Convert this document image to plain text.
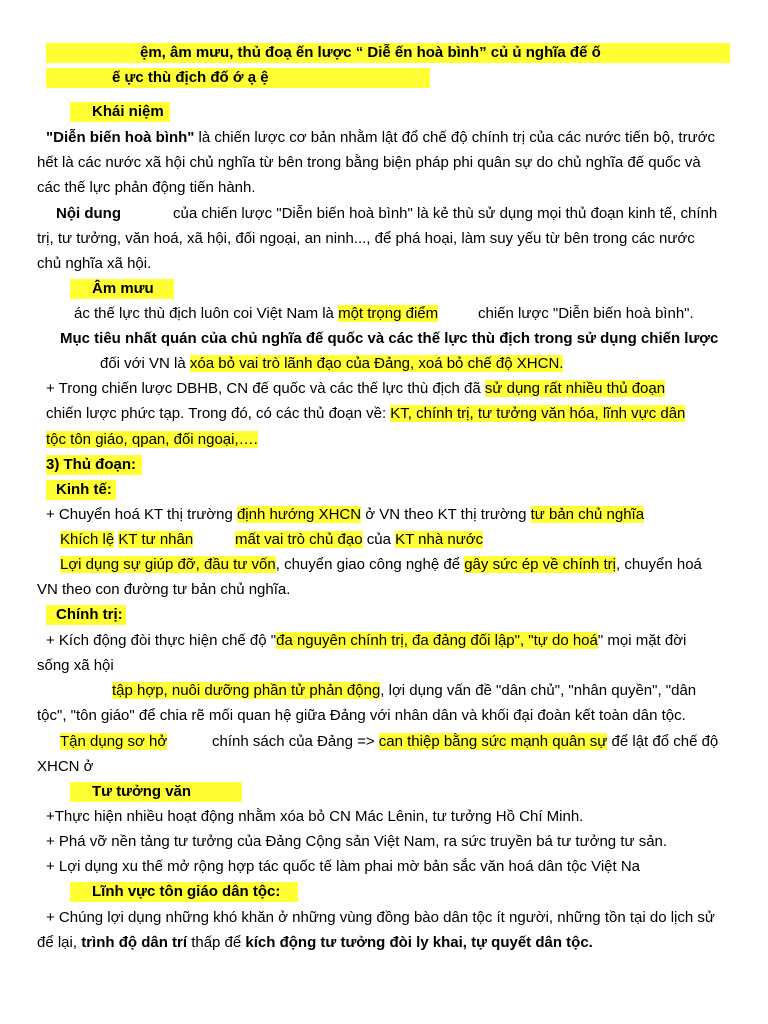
ệm, âm mưu, thủ đoạ ến lược “ Diễ ến hoà bình” củ ủ nghĩa đế ố
ế ực thù địch đố ớ ạ ệ
Khái niệm
"Diễn biến hoà bình" là chiến lược cơ bản nhằm lật đổ chế độ chính trị của các nước tiến bộ, trước
hết là các nước xã hội chủ nghĩa từ bên trong bằng biện pháp phi quân sự do chủ nghĩa đế quốc và
các thế lực phản động tiến hành.
Nội dung	của chiến lược "Diễn biến hoà bình" là kẻ thù sử dụng mọi thủ đoạn kinh tế, chính
trị, tư tưởng, văn hoá, xã hội, đối ngoại, an ninh..., để phá hoại, làm suy yếu từ bên trong các nước
chủ nghĩa xã hội.
Âm mưu
ác thế lực thù địch luôn coi Việt Nam là một trọng điểm	chiến lược "Diễn biến hoà bình".
Mục tiêu nhất quán của chủ nghĩa đế quốc và các thế lực thù địch trong sử dụng chiến lược
đối với VN là xóa bỏ vai trò lãnh đạo của Đảng, xoá bỏ chế độ XHCN.
+ Trong chiến lược DBHB, CN đế quốc và các thế lực thù địch đã sử dụng rất nhiều thủ đoạn
chiến lược phức tạp. Trong đó, có các thủ đoạn về: KT, chính trị, tư tưởng văn hóa, lĩnh vực dân
tộc tôn giáo, qpan, đối ngoại,….
3) Thủ đoạn:
Kinh tế:
+ Chuyển hoá KT thị trường định hướng XHCN ở VN theo KT thị trường tư bản chủ nghĩa
Khích lệ KT tư nhân	mất vai trò chủ đạo của KT nhà nước
Lợi dụng sự giúp đỡ, đầu tư vốn, chuyển giao công nghệ để gây sức ép về chính trị, chuyển hoá
VN theo con đường tư bản chủ nghĩa.
Chính trị:
+ Kích động đòi thực hiện chế độ "đa nguyên chính trị, đa đảng đối lập", "tự do hoá" mọi mặt đời
sống xã hội
tập hợp, nuôi dưỡng phần tử phản động, lợi dụng vấn đề "dân chủ", "nhân quyền", "dân
tộc", "tôn giáo" để chia rẽ mối quan hệ giữa Đảng với nhân dân và khối đại đoàn kết toàn dân tộc.
Tận dụng sơ hở	chính sách của Đảng => can thiệp bằng sức mạnh quân sự để lật đổ chế độ
XHCN ở
Tư tưởng văn
+Thực hiện nhiều hoạt động nhằm xóa bỏ CN Mác Lênin, tư tưởng Hồ Chí Minh.
+ Phá vỡ nền tảng tư tưởng của Đảng Cộng sản Việt Nam, ra sức truyền bá tư tưởng tư sản.
+ Lợi dụng xu thế mở rộng hợp tác quốc tế làm phai mờ bản sắc văn hoá dân tộc Việt Na
Lĩnh vực tôn giáo dân tộc:
+ Chúng lợi dụng những khó khăn ở những vùng đồng bào dân tộc ít người, những tồn tại do lịch sử
để lại, trình độ dân trí thấp để kích động tư tưởng đòi ly khai, tự quyết dân tộc.
